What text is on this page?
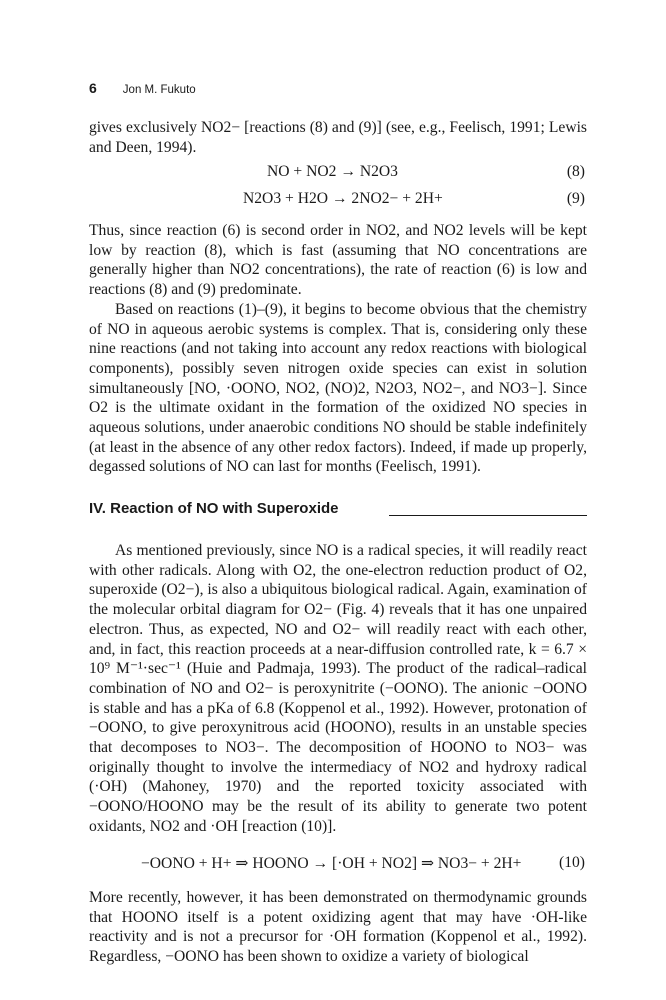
6 Jon M. Fukuto

gives exclusively NO2− [reactions (8) and (9)] (see, e.g., Feelisch, 1991; Lewis and Deen, 1994).

NO + NO2 → N2O3	(8)
N2O3 + H2O → 2NO2− + 2H+	(9)

Thus, since reaction (6) is second order in NO2, and NO2 levels will be kept low by reaction (8), which is fast (assuming that NO concentrations are generally higher than NO2 concentrations), the rate of reaction (6) is low and reactions (8) and (9) predominate.

Based on reactions (1)–(9), it begins to become obvious that the chemistry of NO in aqueous aerobic systems is complex. That is, considering only these nine reactions (and not taking into account any redox reactions with biological components), possibly seven nitrogen oxide species can exist in solution simultaneously [NO, ·OONO, NO2, (NO)2, N2O3, NO2−, and NO3−]. Since O2 is the ultimate oxidant in the formation of the oxidized NO species in aqueous solutions, under anaerobic conditions NO should be stable indefinitely (at least in the absence of any other redox factors). Indeed, if made up properly, degassed solutions of NO can last for months (Feelisch, 1991).

IV. Reaction of NO with Superoxide

As mentioned previously, since NO is a radical species, it will readily react with other radicals. Along with O2, the one-electron reduction product of O2, superoxide (O2−), is also a ubiquitous biological radical. Again, examination of the molecular orbital diagram for O2− (Fig. 4) reveals that it has one unpaired electron. Thus, as expected, NO and O2− will readily react with each other, and, in fact, this reaction proceeds at a near-diffusion controlled rate, k = 6.7 × 10⁹ M⁻¹·sec⁻¹ (Huie and Padmaja, 1993). The product of the radical–radical combination of NO and O2− is peroxynitrite (−OONO). The anionic −OONO is stable and has a pKa of 6.8 (Koppenol et al., 1992). However, protonation of −OONO, to give peroxynitrous acid (HOONO), results in an unstable species that decomposes to NO3−. The decomposition of HOONO to NO3− was originally thought to involve the intermediacy of NO2 and hydroxy radical (·OH) (Mahoney, 1970) and the reported toxicity associated with −OONO/HOONO may be the result of its ability to generate two potent oxidants, NO2 and ·OH [reaction (10)].

−OONO + H+ ⇒ HOONO → [·OH + NO2] ⇒ NO3− + 2H+ (10)

More recently, however, it has been demonstrated on thermodynamic grounds that HOONO itself is a potent oxidizing agent that may have ·OH-like reactivity and is not a precursor for ·OH formation (Koppenol et al., 1992). Regardless, −OONO has been shown to oxidize a variety of biological
